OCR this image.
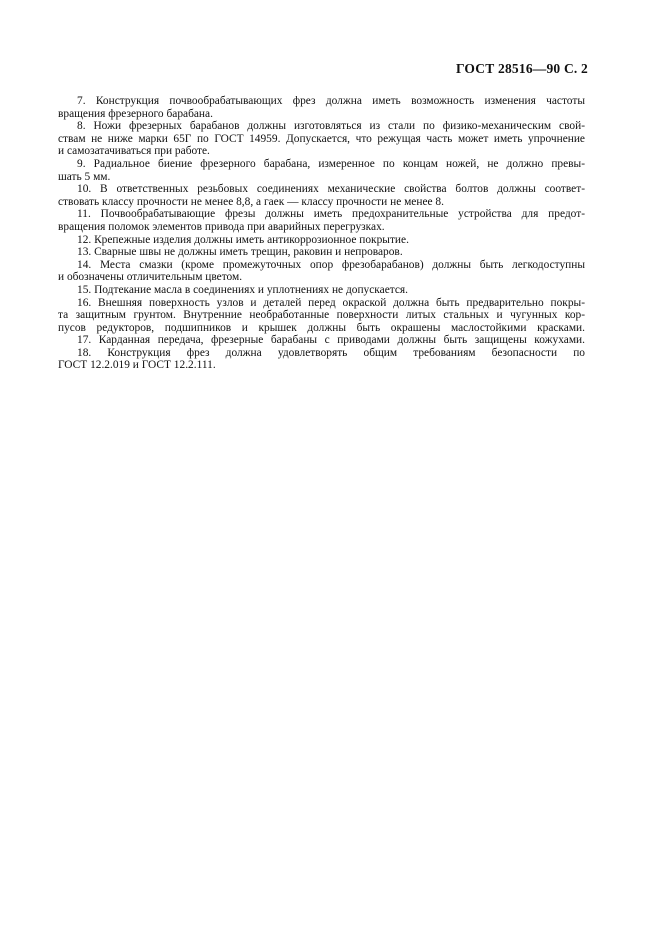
ГОСТ 28516—90 С. 2
7. Конструкция почвообрабатывающих фрез должна иметь возможность изменения частоты
вращения фрезерного барабана.
8. Ножи фрезерных барабанов должны изготовляться из стали по физико-механическим свой-
ствам не ниже марки 65Г по ГОСТ 14959. Допускается, что режущая часть может иметь упрочнение
и самозатачиваться при работе.
9. Радиальное биение фрезерного барабана, измеренное по концам ножей, не должно превы-
шать 5 мм.
10. В ответственных резьбовых соединениях механические свойства болтов должны соответ-
ствовать классу прочности не менее 8,8, а гаек — классу прочности не менее 8.
11. Почвообрабатывающие фрезы должны иметь предохранительные устройства для предот-
вращения поломок элементов привода при аварийных перегрузках.
12. Крепежные изделия должны иметь антикоррозионное покрытие.
13. Сварные швы не должны иметь трещин, раковин и непроваров.
14. Места смазки (кроме промежуточных опор фрезобарабанов) должны быть легкодоступны
и обозначены отличительным цветом.
15. Подтекание масла в соединениях и уплотнениях не допускается.
16. Внешняя поверхность узлов и деталей перед окраской должна быть предварительно покры-
та защитным грунтом. Внутренние необработанные поверхности литых стальных и чугунных кор-
пусов редукторов, подшипников и крышек должны быть окрашены маслостойкими красками.
17. Карданная передача, фрезерные барабаны с приводами должны быть защищены кожухами.
18. Конструкция фрез должна удовлетворять общим требованиям безопасности по
ГОСТ 12.2.019 и ГОСТ 12.2.111.
